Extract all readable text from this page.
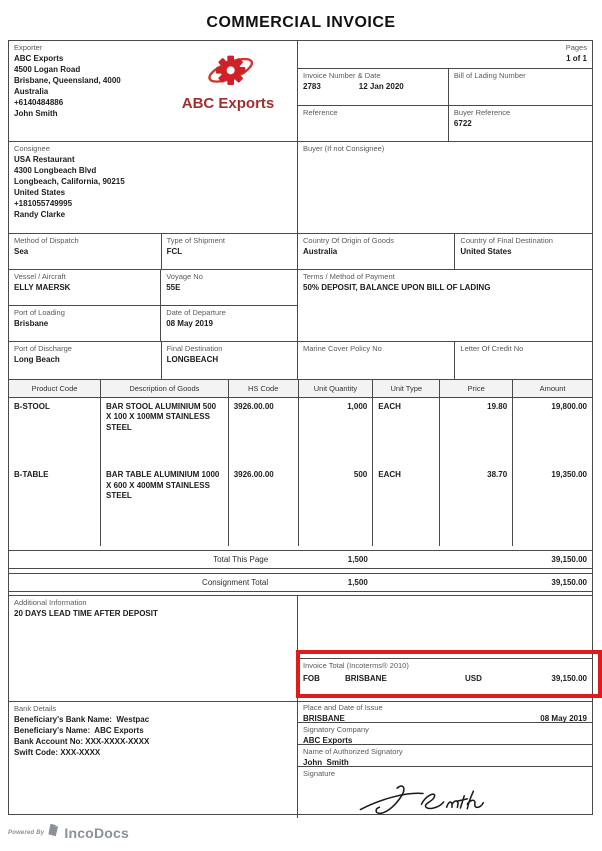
COMMERCIAL INVOICE
Exporter
ABC Exports
4500 Logan Road
Brisbane, Queensland, 4000
Australia
+6140484886
John Smith
ABC Exports
Pages
1 of 1
Invoice Number & Date
2783	12 Jan 2020
Bill of Lading Number
Reference	Buyer Reference
6722
Consignee
USA Restaurant
4300 Longbeach Blvd
Longbeach, California, 90215
United States
+181055749995
Randy Clarke
Buyer (If not Consignee)
Method of Dispatch
Sea
Type of Shipment
FCL
Country Of Origin of Goods
Australia
Country of Final Destination
United States
Vessel / Aircraft
ELLY MAERSK
Voyage No
55E
Port of Loading
Brisbane
Date of Departure
08 May 2019
Terms / Method of Payment
50% DEPOSIT, BALANCE UPON BILL OF LADING
Port of Discharge
Long Beach
Final Destination
LONGBEACH
Marine Cover Policy No	Letter Of Credit No
Product Code	Description of Goods	HS Code	Unit Quantity	Unit Type	Price	Amount
B-STOOL	BAR STOOL ALUMINIUM 500 X 100 X 100MM STAINLESS STEEL	3926.00.00	1,000	EACH	19.80	19,800.00
B-TABLE	BAR TABLE ALUMINIUM 1000 X 600 X 400MM STAINLESS STEEL	3926.00.00	500	EACH	38.70	19,350.00

Total This Page	1,500			39,150.00
Consignment Total	1,500			39,150.00
Additional Information
20 DAYS LEAD TIME AFTER DEPOSIT
Bank Details
Beneficiary's Bank Name:  Westpac
Beneficiary's Name:  ABC Exports
Bank Account No: XXX-XXXX-XXXX
Swift Code: XXX-XXXX
Invoice Total (Incoterms® 2010)
FOB	BRISBANE	USD	39,150.00
Place and Date of Issue
BRISBANE	08 May 2019
Signatory Company
ABC Exports
Name of Authorized Signatory
John  Smith
Signature
Powered By IncoDocs
